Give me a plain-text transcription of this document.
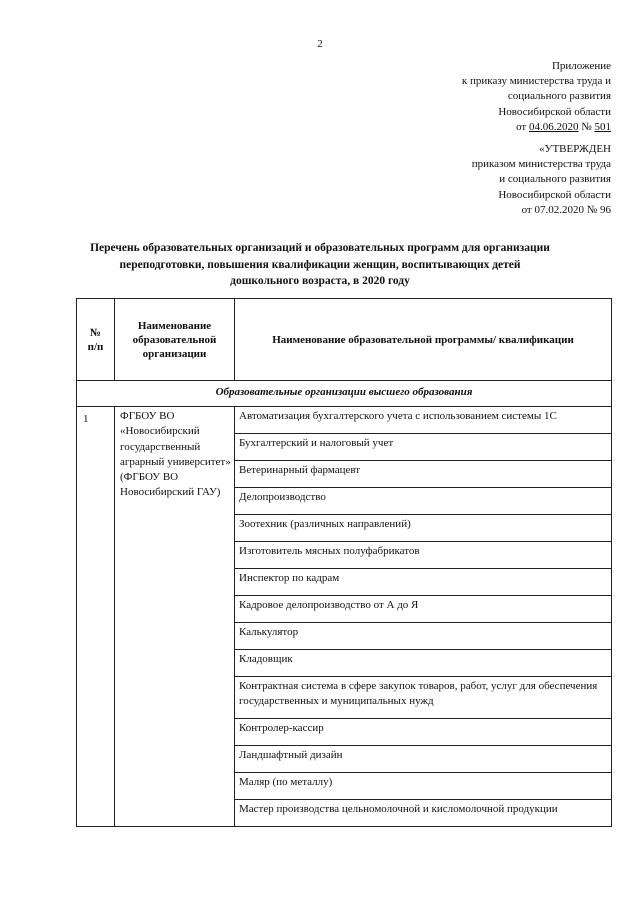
2
Приложение
к приказу министерства труда и
социального развития
Новосибирской области
от 04.06.2020 № 501
«УТВЕРЖДЕН
приказом министерства труда
и социального развития
Новосибирской области
от 07.02.2020 № 96
Перечень образовательных организаций и образовательных программ для организации
переподготовки, повышения квалификации женщин, воспитывающих детей
дошкольного возраста, в 2020 году
№
п/п
Наименование образовательной организации
Наименование образовательной программы/ квалификации
Образовательные организации высшего образования
1	ФГБОУ ВО «Новосибирский государственный аграрный университет» (ФГБОУ ВО Новосибирский ГАУ)
Автоматизация бухгалтерского учета с использованием системы 1С
Бухгалтерский и налоговый учет
Ветеринарный фармацевт
Делопроизводство
Зоотехник (различных направлений)
Изготовитель мясных полуфабрикатов
Инспектор по кадрам
Кадровое делопроизводство от А до Я
Калькулятор
Кладовщик
Контрактная система в сфере закупок товаров, работ, услуг для обеспечения государственных и муниципальных нужд
Контролер-кассир
Ландшафтный дизайн
Маляр (по металлу)
Мастер производства цельномолочной и кисломолочной продукции
